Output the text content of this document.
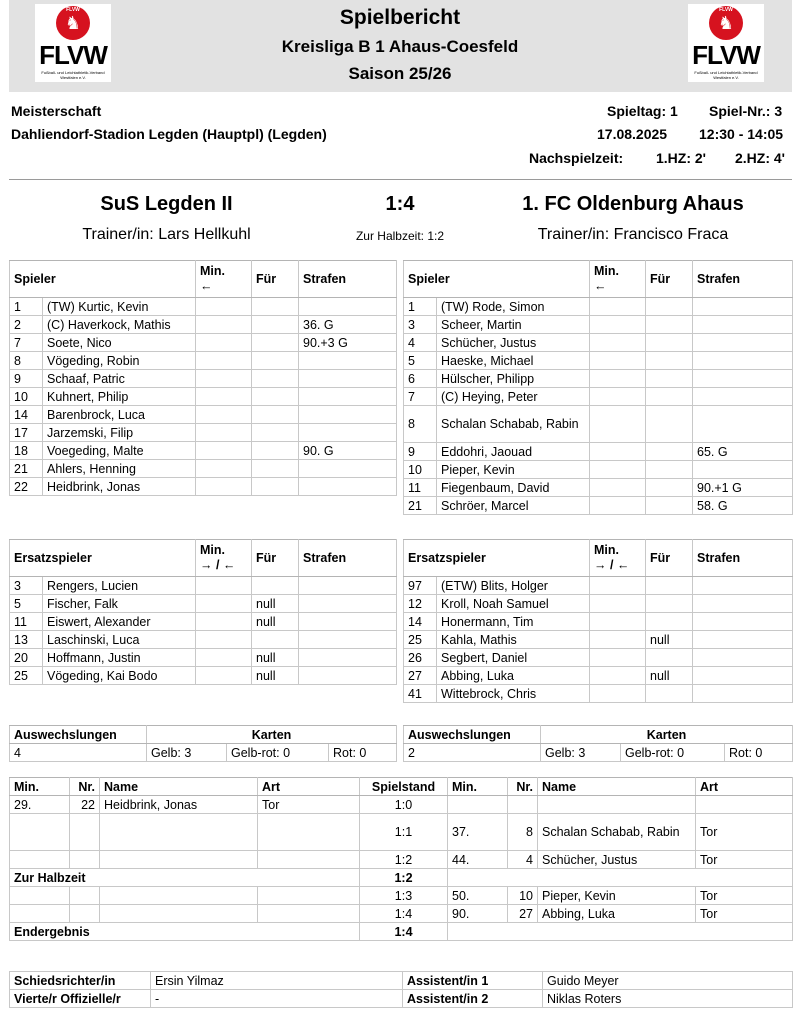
FLVW
♞
FLVW
Fußball- und Leichtathletik-Verband Westfalen e.V.
FLVW
♞
FLVW
Fußball- und Leichtathletik-Verband Westfalen e.V.
Spielbericht
Kreisliga B 1 Ahaus-Coesfeld
Saison 25/26
Meisterschaft	Spieltag: 1 Spiel-Nr.: 3
Dahliendorf-Stadion Legden (Hauptpl) (Legden)	17.08.2025 12:30 - 14:05
Nachspielzeit: 1.HZ: 2' 2.HZ: 4'
SuS Legden II	1:4	1. FC Oldenburg Ahaus
Trainer/in: Lars Hellkuhl	Zur Halbzeit: 1:2	Trainer/in: Francisco Fraca
Spieler		Min.
←	Für	Strafen
1	(TW) Kurtic, Kevin			
2	(C) Haverkock, Mathis			36. G
7	Soete, Nico			90.+3 G
8	Vögeding, Robin			
9	Schaaf, Patric			
10	Kuhnert, Philip			
14	Barenbrock, Luca			
17	Jarzemski, Filip			
18	Voegeding, Malte			90. G
21	Ahlers, Henning			
22	Heidbrink, Jonas			
Spieler		Min.
←	Für	Strafen
1	(TW) Rode, Simon			
3	Scheer, Martin			
4	Schücher, Justus			
5	Haeske, Michael			
6	Hülscher, Philipp			
7	(C) Heying, Peter			
8	Schalan Schabab, Rabin			
9	Eddohri, Jaouad			65. G
10	Pieper, Kevin			
11	Fiegenbaum, David			90.+1 G
21	Schröer, Marcel			58. G
Ersatzspieler		Min.
→ / ←	Für	Strafen
3	Rengers, Lucien			
5	Fischer, Falk		null	
11	Eiswert, Alexander		null	
13	Laschinski, Luca			
20	Hoffmann, Justin		null	
25	Vögeding, Kai Bodo		null	
Ersatzspieler		Min.
→ / ←	Für	Strafen
97	(ETW) Blits, Holger			
12	Kroll, Noah Samuel			
14	Honermann, Tim			
25	Kahla, Mathis		null	
26	Segbert, Daniel			
27	Abbing, Luka		null	
41	Wittebrock, Chris			
Auswechslungen	Karten		
4	Gelb: 3	Gelb-rot: 0	Rot: 0
Auswechslungen	Karten		
2	Gelb: 3	Gelb-rot: 0	Rot: 0
Min.	Nr.	Name	Art	Spielstand	Min.	Nr.	Name	Art
29.	22	Heidbrink, Jonas	Tor	1:0				
				1:1	37.	8	Schalan Schabab, Rabin	Tor
				1:2	44.	4	Schücher, Justus	Tor
Zur Halbzeit				1:2				
				1:3	50.	10	Pieper, Kevin	Tor
				1:4	90.	27	Abbing, Luka	Tor
Endergebnis				1:4				
Schiedsrichter/in	Ersin Yilmaz	Assistent/in 1	Guido Meyer
Vierte/r Offizielle/r	-	Assistent/in 2	Niklas Roters
